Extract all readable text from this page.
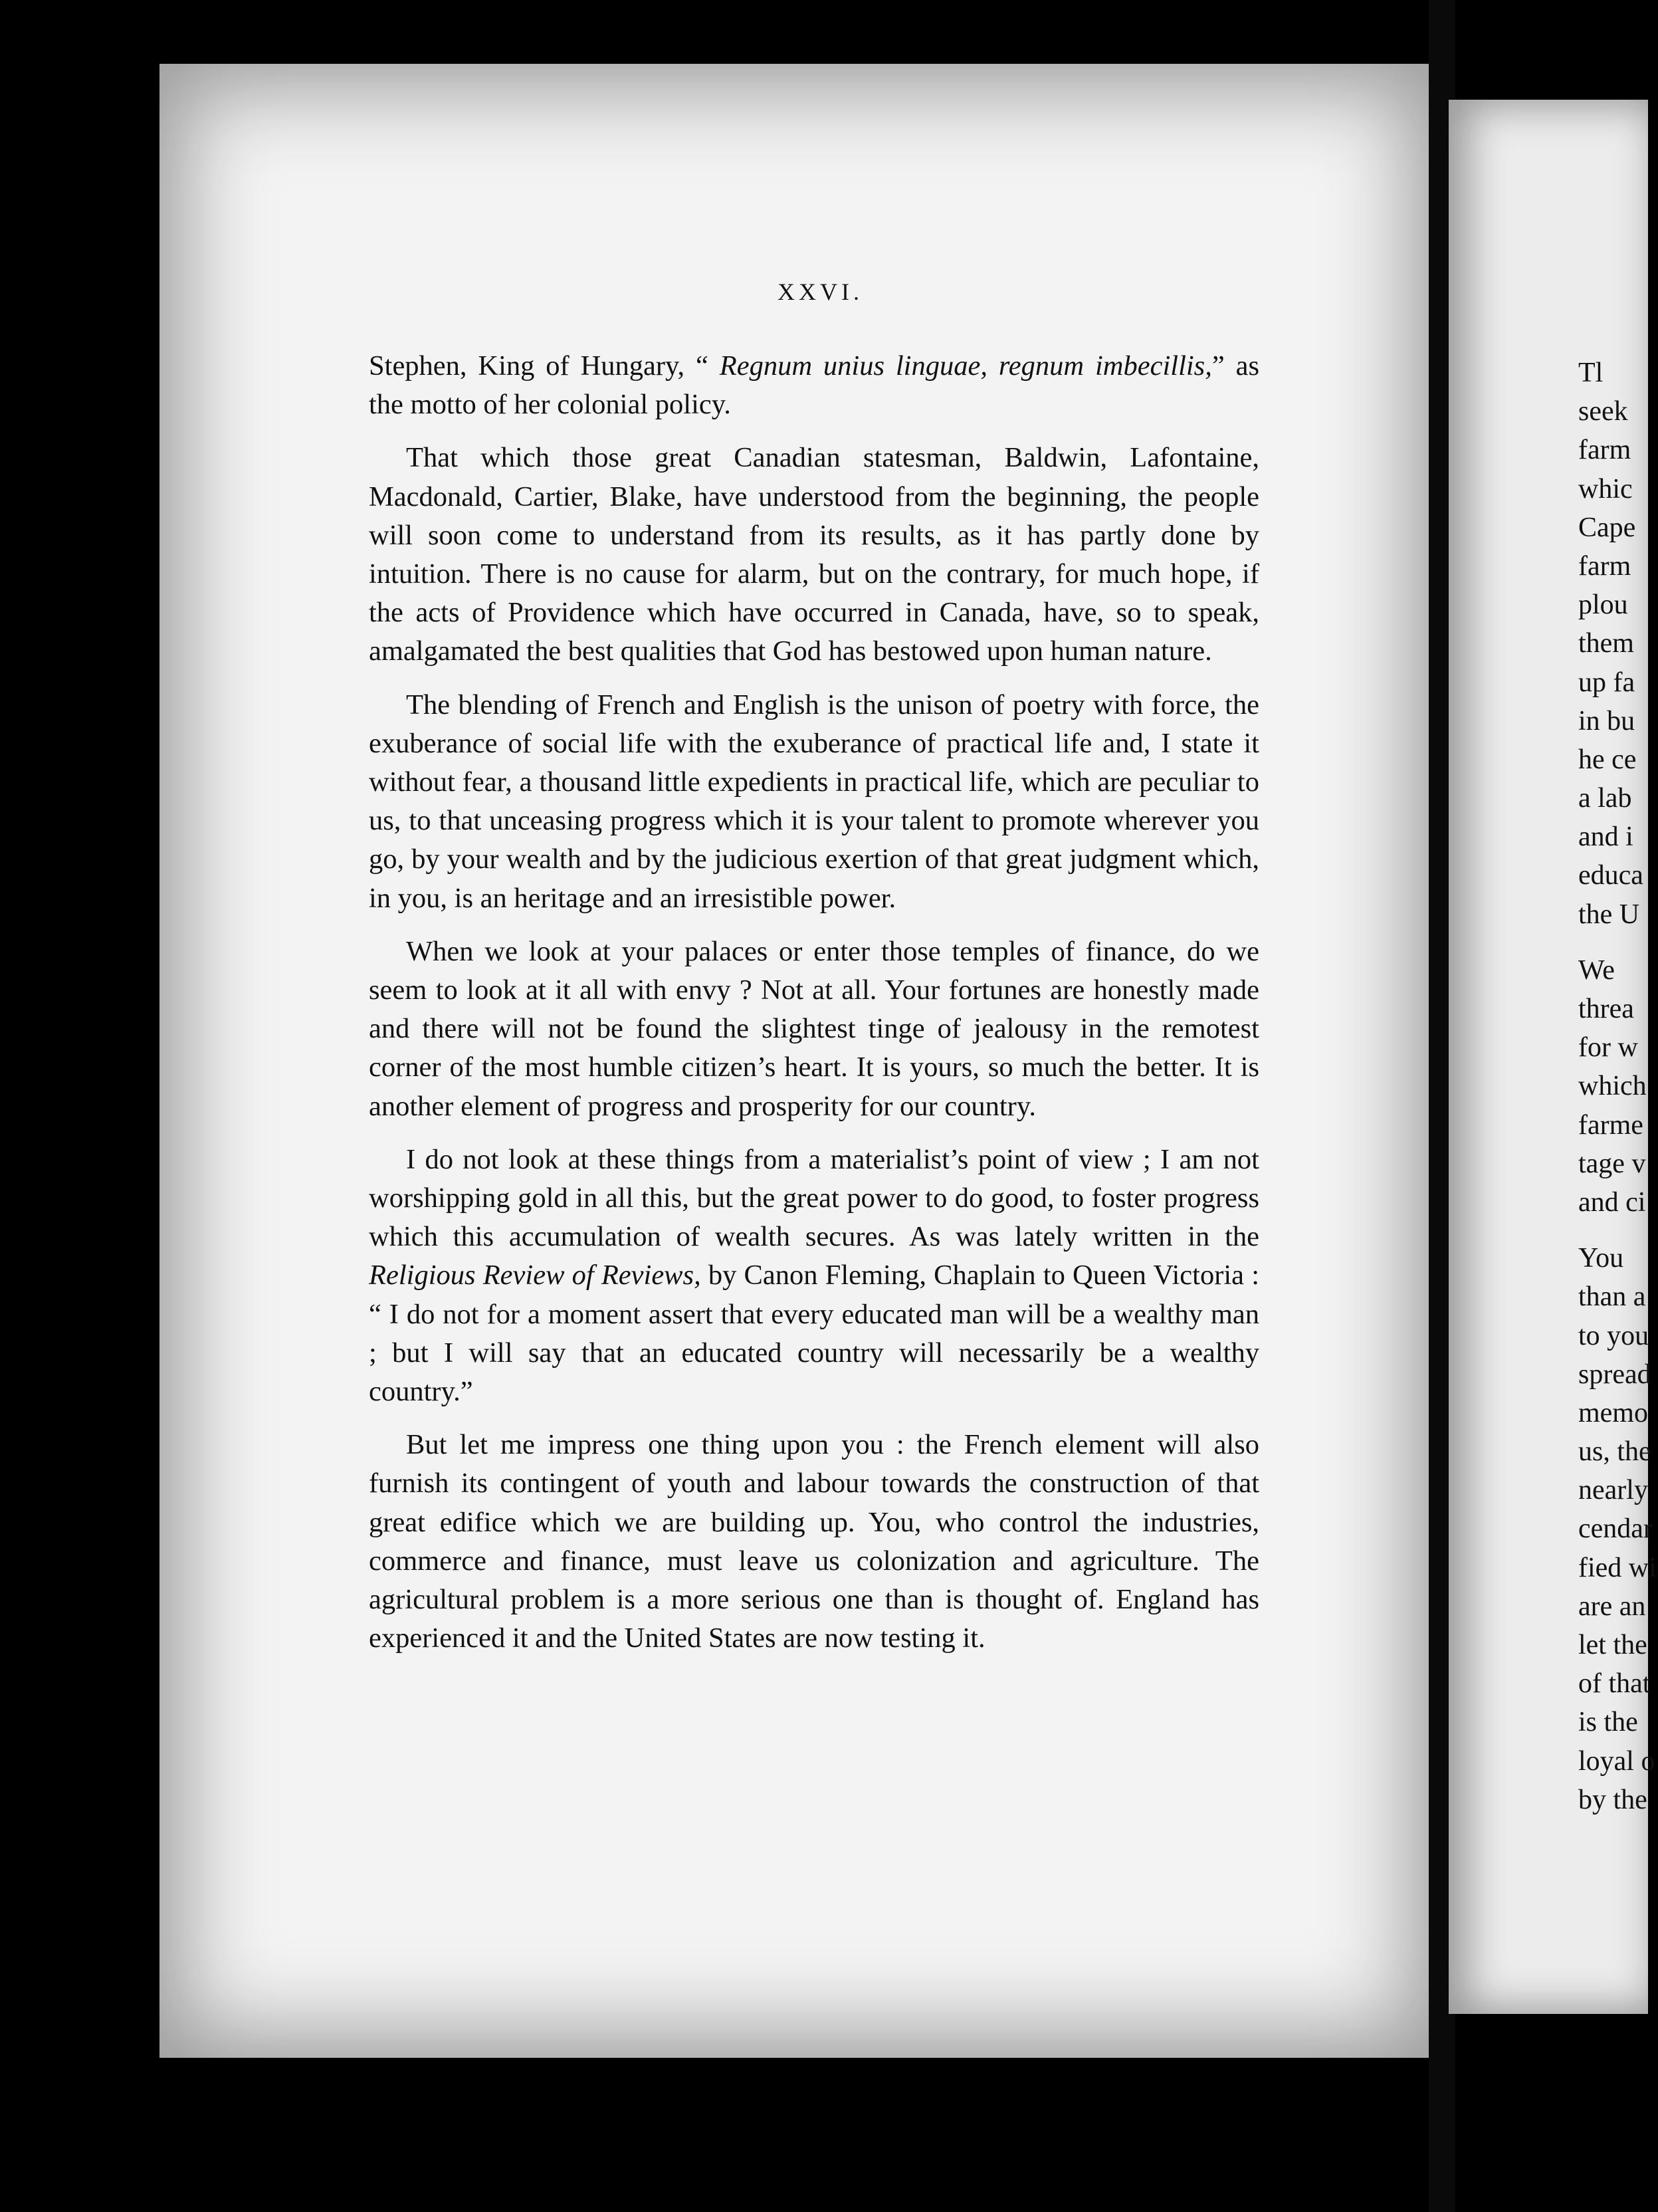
XXVI.

Stephen, King of Hungary, “ Regnum unius linguae, regnum imbecillis,” as the motto of her colonial policy.

That which those great Canadian statesman, Baldwin, Lafontaine, Macdonald, Cartier, Blake, have understood from the beginning, the people will soon come to understand from its results, as it has partly done by intuition. There is no cause for alarm, but on the contrary, for much hope, if the acts of Providence which have occurred in Canada, have, so to speak, amalgamated the best qualities that God has bestowed upon human nature.

The blending of French and English is the unison of poetry with force, the exuberance of social life with the exuberance of practical life and, I state it without fear, a thousand little expedients in practical life, which are peculiar to us, to that unceasing progress which it is your talent to promote wherever you go, by your wealth and by the judicious exertion of that great judgment which, in you, is an heritage and an irresistible power.

When we look at your palaces or enter those temples of finance, do we seem to look at it all with envy ? Not at all. Your fortunes are honestly made and there will not be found the slightest tinge of jealousy in the remotest corner of the most humble citizen’s heart. It is yours, so much the better. It is another element of progress and prosperity for our country.

I do not look at these things from a materialist’s point of view ; I am not worshipping gold in all this, but the great power to do good, to foster progress which this accumulation of wealth secures. As was lately written in the Religious Review of Reviews, by Canon Fleming, Chaplain to Queen Victoria : “ I do not for a moment assert that every educated man will be a wealthy man ; but I will say that an educated country will necessarily be a wealthy country.”

But let me impress one thing upon you : the French element will also furnish its contingent of youth and labour towards the construction of that great edifice which we are building up. You, who control the industries, commerce and finance, must leave us colonization and agriculture. The agricultural problem is a more serious one than is thought of. England has experienced it and the United States are now testing it.

Tl
seek
farm
whic
Cape
farm
plou
them
up fa
in bu
he ce
a lab
and i
educa
the U
We
threa
for w
which
farme
tage v
and ci
You
than a
to you
spread
memo
us, the
nearly
cendar
fied wi
are an
let the
of that
is the
loyal o
by the
